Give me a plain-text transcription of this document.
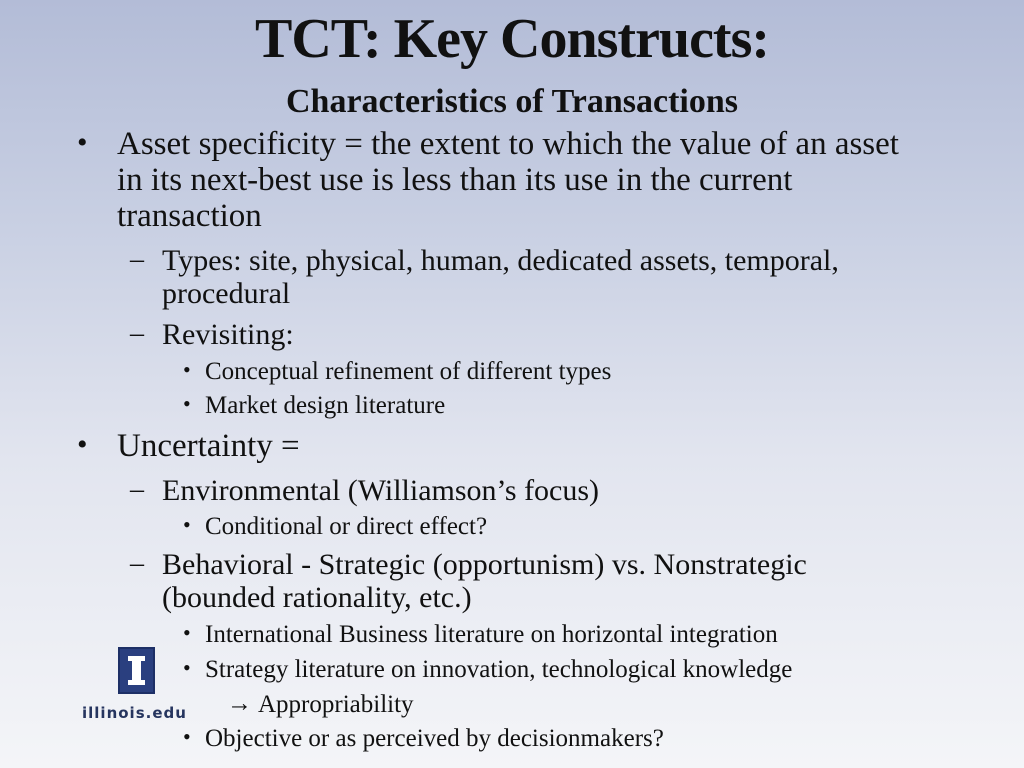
TCT: Key Constructs:
Characteristics of Transactions
• Asset specificity = the extent to which the value of an asset
in its next-best use is less than its use in the current
transaction
– Types: site, physical, human, dedicated assets, temporal,
procedural
– Revisiting:
• Conceptual refinement of different types
• Market design literature
• Uncertainty =
– Environmental (Williamson’s focus)
• Conditional or direct effect?
– Behavioral - Strategic (opportunism) vs. Nonstrategic
(bounded rationality, etc.)
• International Business literature on horizontal integration
• Strategy literature on innovation, technological knowledge
→ Appropriability
• Objective or as perceived by decisionmakers?
illinois.edu
